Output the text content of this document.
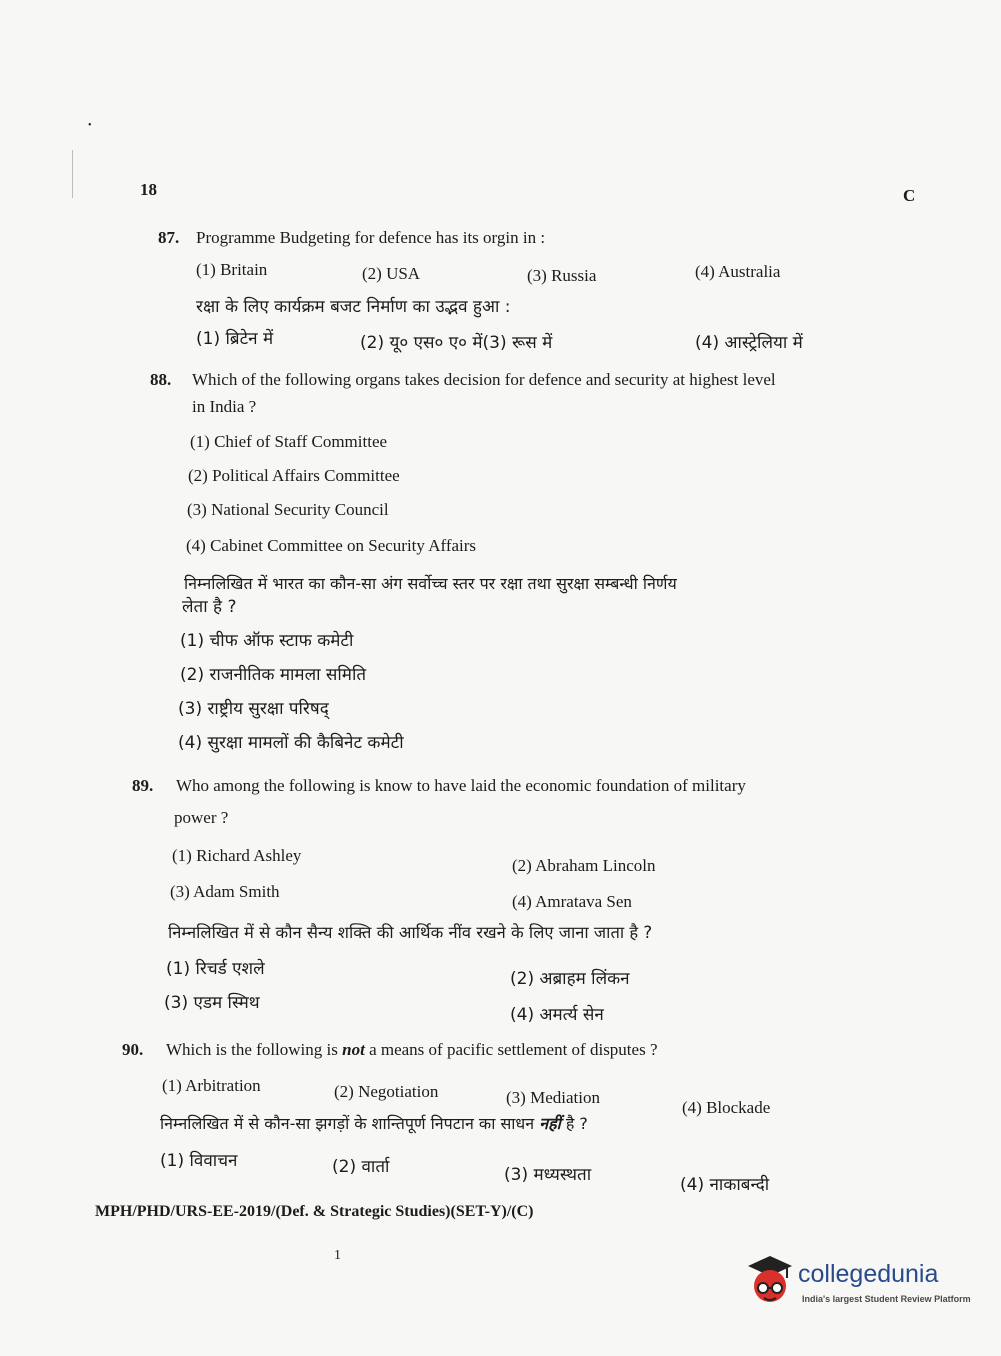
•
18	C
87. Programme Budgeting for defence has its orgin in :
(1) Britain	(2) USA	(3) Russia	(4) Australia
रक्षा के लिए कार्यक्रम बजट निर्माण का उद्भव हुआ :
(1) ब्रिटेन में	(2) यू० एस० ए० में(3) रूस में	(4) आस्ट्रेलिया में
88. Which of the following organs takes decision for defence and security at highest level
in India ?
(1) Chief of Staff Committee
(2) Political Affairs Committee
(3) National Security Council
(4) Cabinet Committee on Security Affairs
निम्नलिखित में भारत का कौन-सा अंग सर्वोच्च स्तर पर रक्षा तथा सुरक्षा सम्बन्धी निर्णय
लेता है ?
(1) चीफ ऑफ स्टाफ कमेटी
(2) राजनीतिक मामला समिति
(3) राष्ट्रीय सुरक्षा परिषद्
(4) सुरक्षा मामलों की कैबिनेट कमेटी
89. Who among the following is know to have laid the economic foundation of military
power ?
(1) Richard Ashley
(2) Abraham Lincoln
(3) Adam Smith
(4) Amratava Sen
निम्नलिखित में से कौन सैन्य शक्ति की आर्थिक नींव रखने के लिए जाना जाता है ?
(1) रिचर्ड एशले	(2) अब्राहम लिंकन
(3) एडम स्मिथ
(4) अमर्त्य सेन
90. Which is the following is not a means of pacific settlement of disputes ?
(1) Arbitration	(2) Negotiation	(3) Mediation
(4) Blockade
निम्नलिखित में से कौन-सा झगड़ों के शान्तिपूर्ण निपटान का साधन नहीं है ?
(1) विवाचन	(2) वार्ता	(3) मध्यस्थता	(4) नाकाबन्दी
MPH/PHD/URS-EE-2019/(Def. & Strategic Studies)(SET-Y)/(C)
1
collegedunia
India's largest Student Review Platform
